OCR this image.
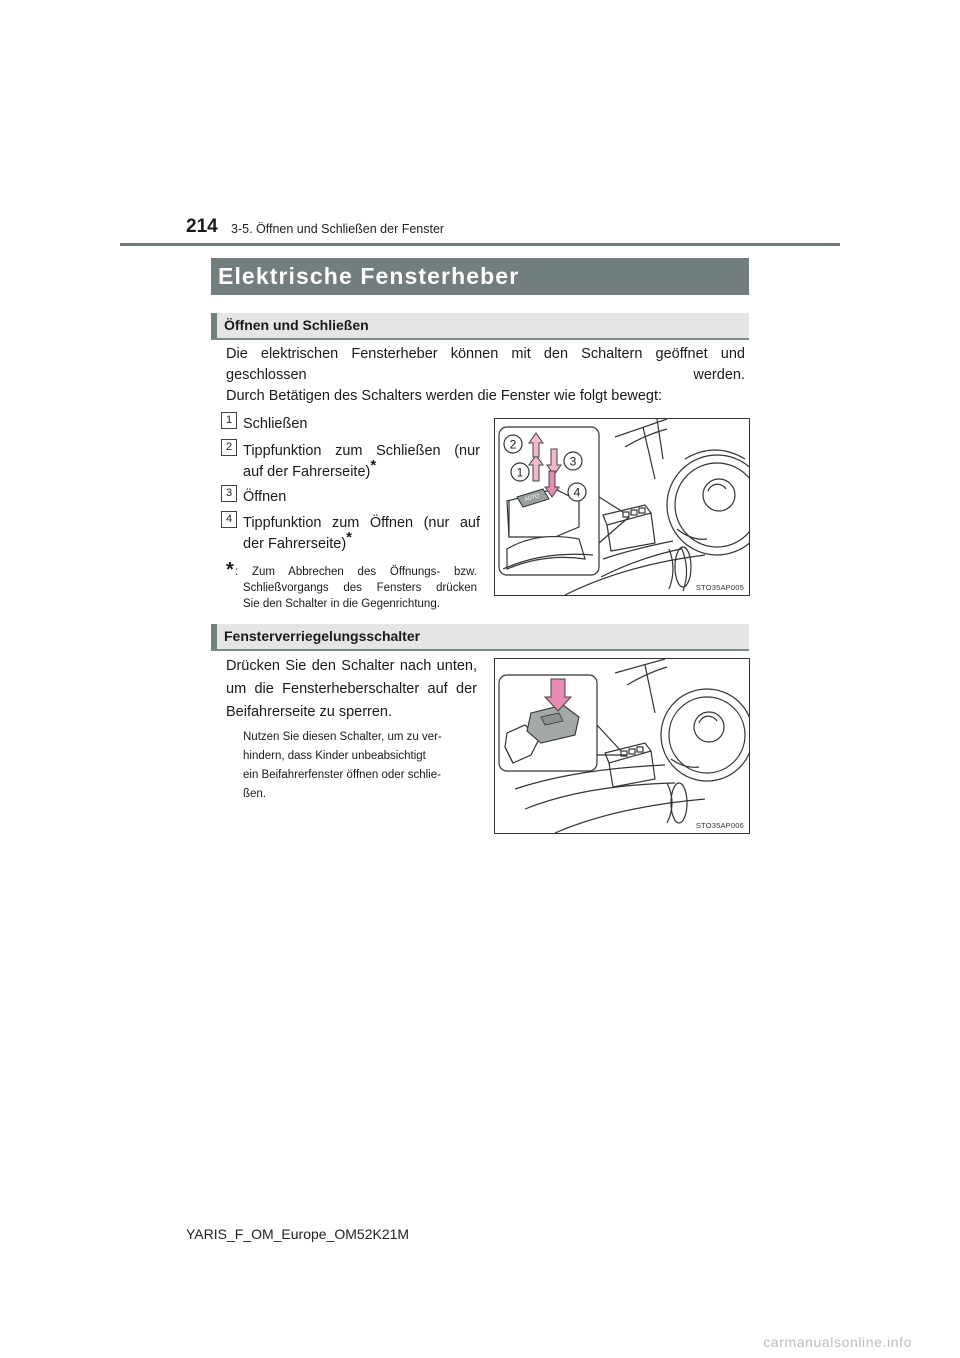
214 3-5. Öffnen und Schließen der Fenster
Elektrische Fensterheber
Öffnen und Schließen
Die elektrischen Fensterheber können mit den Schaltern geöffnet und geschlossen werden.
Durch Betätigen des Schalters werden die Fenster wie folgt bewegt:
1 Schließen
2 Tippfunktion zum Schließen (nur
auf der Fahrerseite)*
3 Öffnen
4 Tippfunktion zum Öffnen (nur auf
der Fahrerseite)*
* : Zum Abbrechen des Öffnungs- bzw.
Schließvorgangs des Fensters drücken
Sie den Schalter in die Gegenrichtung.
AUTO
2
1
3
4
STO35AP005
Fensterverriegelungsschalter
Drücken Sie den Schalter nach unten,
um die Fensterheberschalter auf der
Beifahrerseite zu sperren.
Nutzen Sie diesen Schalter, um zu ver-
hindern, dass Kinder unbeabsichtigt
ein Beifahrerfenster öffnen oder schlie-
ßen.
STO35AP006
YARIS_F_OM_Europe_OM52K21M
carmanualsonline.info
